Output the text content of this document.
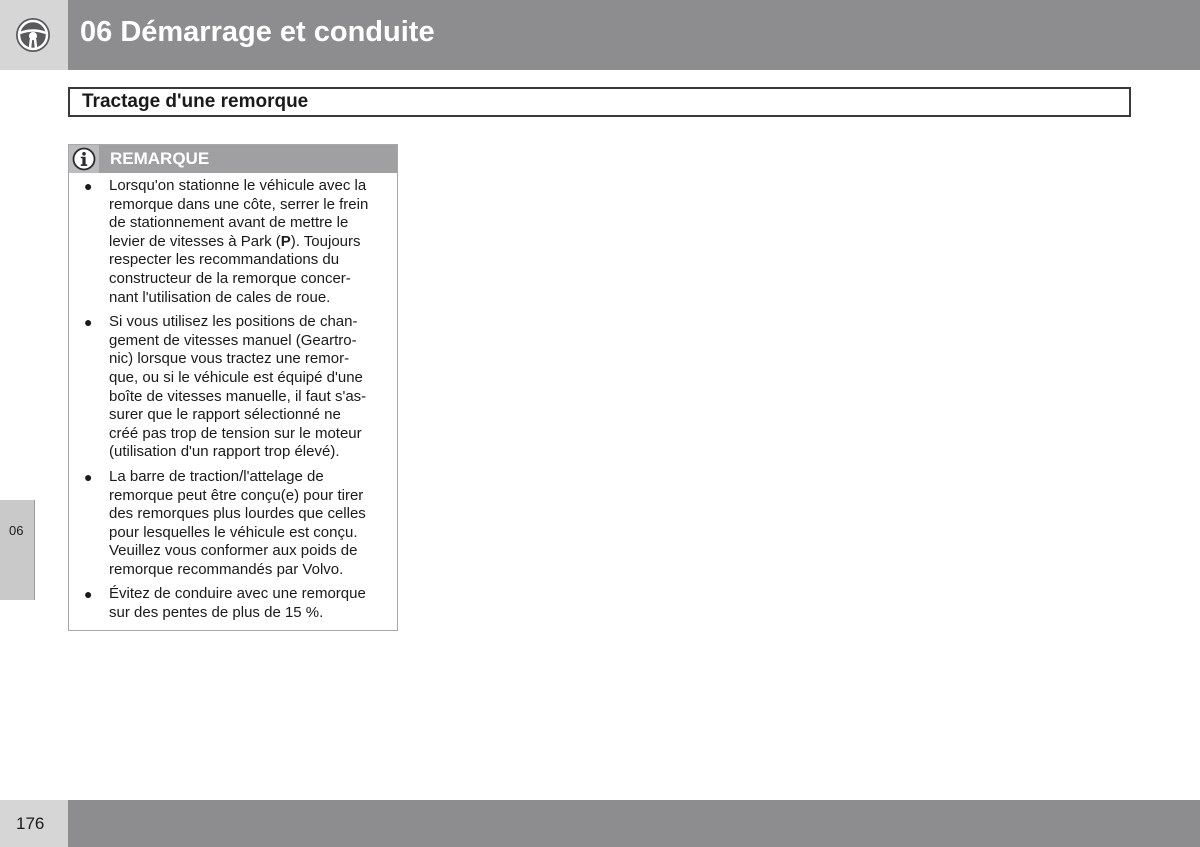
06 Démarrage et conduite
Tractage d'une remorque
REMARQUE
● Lorsqu'on stationne le véhicule avec la
remorque dans une côte, serrer le frein
de stationnement avant de mettre le
levier de vitesses à Park (P). Toujours
respecter les recommandations du
constructeur de la remorque concer-
nant l'utilisation de cales de roue.
● Si vous utilisez les positions de chan-
gement de vitesses manuel (Geartro-
nic) lorsque vous tractez une remor-
que, ou si le véhicule est équipé d'une
boîte de vitesses manuelle, il faut s'as-
surer que le rapport sélectionné ne
créé pas trop de tension sur le moteur
(utilisation d'un rapport trop élevé).
● La barre de traction/l'attelage de
remorque peut être conçu(e) pour tirer
des remorques plus lourdes que celles
pour lesquelles le véhicule est conçu.
Veuillez vous conformer aux poids de
remorque recommandés par Volvo.
● Évitez de conduire avec une remorque
sur des pentes de plus de 15 %.
06
176
